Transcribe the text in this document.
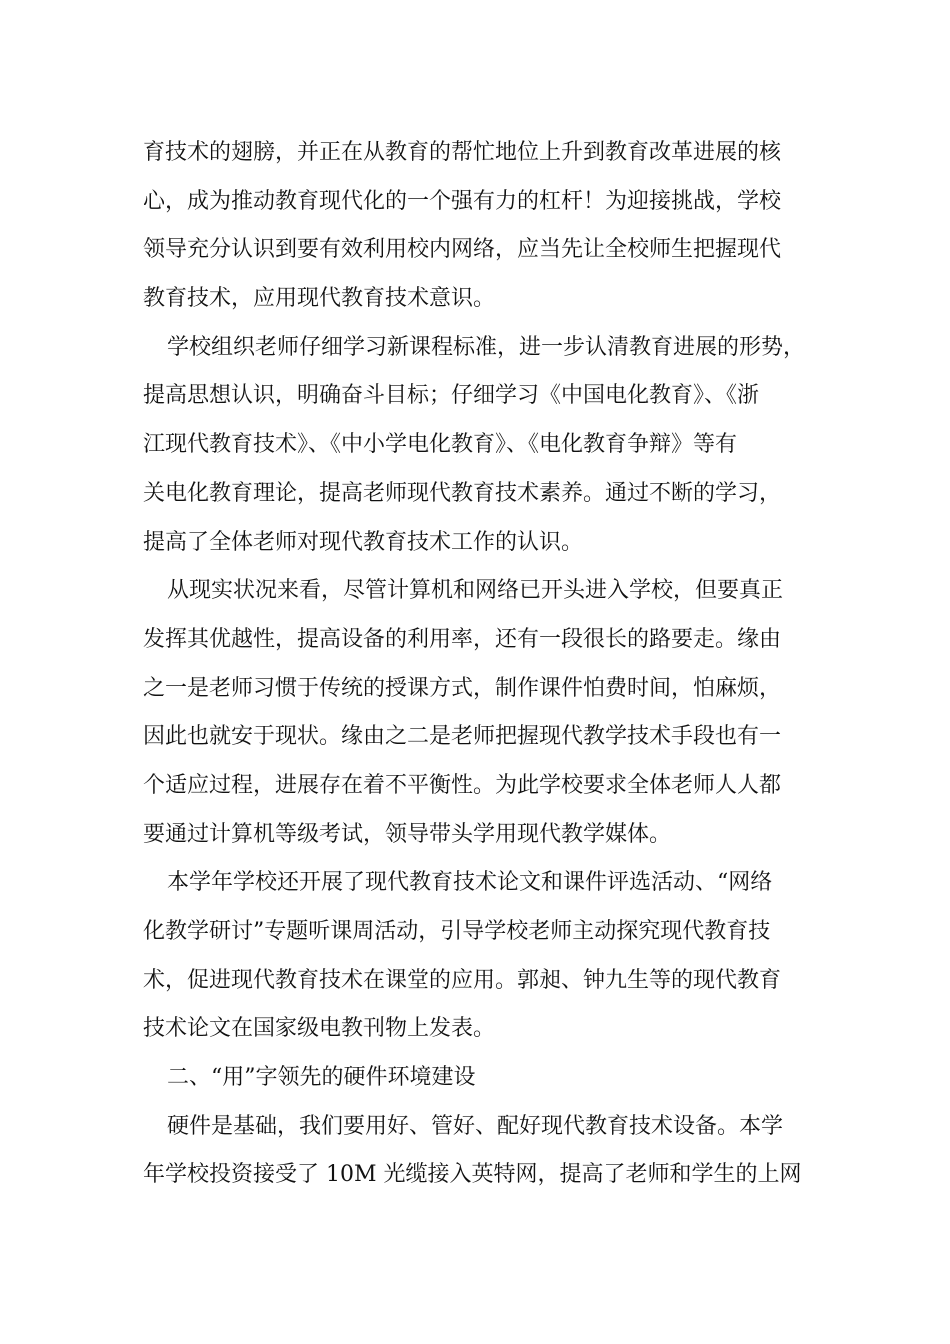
育技术的翅膀，并正在从教育的帮忙地位上升到教育改革进展的核
心，成为推动教育现代化的一个强有力的杠杆！为迎接挑战，学校
领导充分认识到要有效利用校内网络，应当先让全校师生把握现代
教育技术，应用现代教育技术意识。
学校组织老师仔细学习新课程标准，进一步认清教育进展的形势，
提高思想认识，明确奋斗目标；仔细学习《中国电化教育》、《浙
江现代教育技术》、《中小学电化教育》、《电化教育争辩》等有
关电化教育理论，提高老师现代教育技术素养。通过不断的学习，
提高了全体老师对现代教育技术工作的认识。
从现实状况来看，尽管计算机和网络已开头进入学校，但要真正
发挥其优越性，提高设备的利用率，还有一段很长的路要走。缘由
之一是老师习惯于传统的授课方式，制作课件怕费时间，怕麻烦，
因此也就安于现状。缘由之二是老师把握现代教学技术手段也有一
个适应过程，进展存在着不平衡性。为此学校要求全体老师人人都
要通过计算机等级考试，领导带头学用现代教学媒体。
本学年学校还开展了现代教育技术论文和课件评选活动、“网络
化教学研讨”专题听课周活动，引导学校老师主动探究现代教育技
术，促进现代教育技术在课堂的应用。郭昶、钟九生等的现代教育
技术论文在国家级电教刊物上发表。
二、“用”字领先的硬件环境建设
硬件是基础，我们要用好、管好、配好现代教育技术设备。本学
年学校投资接受了 10M 光缆接入英特网，提高了老师和学生的上网
